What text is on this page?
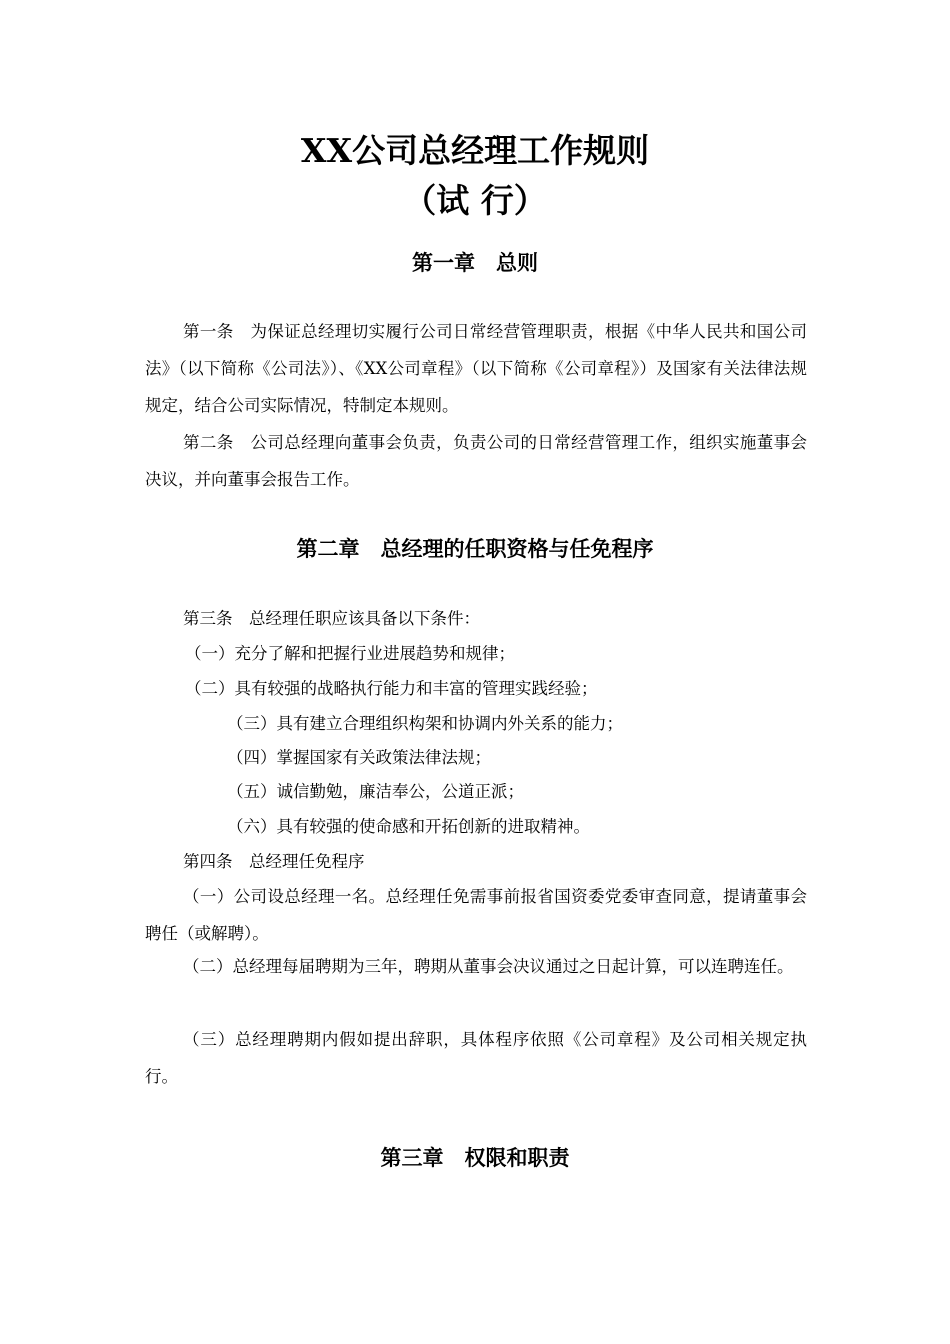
XX公司总经理工作规则
（试 行）
第一章　总则
第一条　为保证总经理切实履行公司日常经营管理职责，根据《中华人民共和国公司法》（以下简称《公司法》）、《XX公司章程》（以下简称《公司章程》）及国家有关法律法规规定，结合公司实际情况，特制定本规则。
第二条　公司总经理向董事会负责，负责公司的日常经营管理工作，组织实施董事会决议，并向董事会报告工作。
第二章　总经理的任职资格与任免程序
第三条　总经理任职应该具备以下条件：
（一）充分了解和把握行业进展趋势和规律；
（二）具有较强的战略执行能力和丰富的管理实践经验；
（三）具有建立合理组织构架和协调内外关系的能力；
（四）掌握国家有关政策法律法规；
（五）诚信勤勉，廉洁奉公，公道正派；
（六）具有较强的使命感和开拓创新的进取精神。
第四条　总经理任免程序
（一）公司设总经理一名。总经理任免需事前报省国资委党委审查同意，提请董事会聘任（或解聘）。
（二）总经理每届聘期为三年，聘期从董事会决议通过之日起计算，可以连聘连任。
（三）总经理聘期内假如提出辞职，具体程序依照《公司章程》及公司相关规定执行。
第三章　权限和职责
